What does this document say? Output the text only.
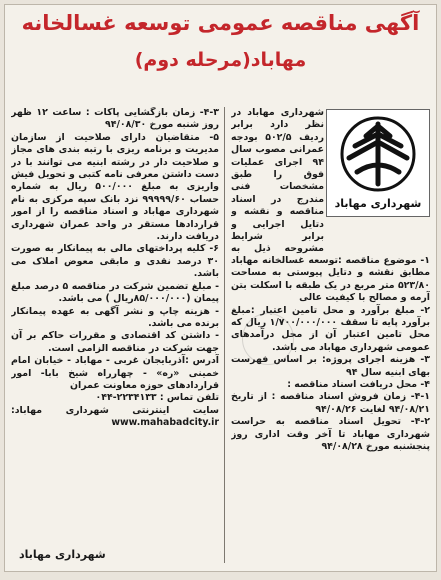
آگهی مناقصه عمومی توسعه غسالخانه
مهاباد(مرحله دوم)
شهرداری مهاباد

شهرداری مهاباد در نظر دارد برابر ردیف ۵۰۲/۵ بودجه عمرانی مصوب سال ۹۴ اجرای عملیات فوق را طبق مشخصات فنی مندرج در اسناد مناقصه و نقشه و دتایل اجرایی و برابر شرایط مشروحه ذیل به

۱- موضوع مناقصه :توسعه غسالخانه مهاباد مطابق نقشه و دتایل پیوستی به مساحت ۵۲۳/۸۰ متر مربع در یک طبقه با اسکلت بتن آرمه و مصالح با کیفیت عالی

۲- مبلغ برآورد و محل تامین اعتبار :مبلغ برآورد پایه تا سقف ۱/۷۰۰/۰۰۰/۰۰۰ ریال که محل تامین اعتبار آن از محل درآمدهای عمومی شهرداری مهاباد می باشد.

۳- هزینه اجرای پروژه: بر اساس فهرست بهای ابنیه سال ۹۴

۴- محل دریافت اسناد مناقصه :

۴-۱- زمان فروش اسناد مناقصه : از تاریخ ۹۴/۰۸/۲۱ لغایت ۹۴/۰۸/۲۶

۴-۲- تحویل اسناد مناقصه به حراست شهرداری مهاباد تا آخر وقت اداری روز پنجشنبه مورخ ۹۴/۰۸/۲۸

۴-۳- زمان بازگشایی پاکات : ساعت ۱۲ ظهر روز شنبه مورخ ۹۴/۰۸/۳۰

۵- متقاضیان دارای صلاحیت از سازمان مدیریت و برنامه ریزی با رتبه بندی های مجاز و صلاحیت دار در رشته ابنیه می توانند با در دست داشتن معرفی نامه کتبی و تحویل فیش واریزی به مبلغ ۵۰۰/۰۰۰ ریال به شماره حساب ۹۹۹۹۹/۶۰ نزد بانک سپه مرکزی به نام شهرداری مهاباد و اسناد مناقصه را از امور قراردادها مستقر در واحد عمران شهرداری دریافت دارند.

۶- کلیه پرداختهای مالی به پیمانکار به صورت ۳۰ درصد نقدی و مابقی معوض املاک می باشد.

- مبلغ تضمین شرکت در مناقصه ۵ درصد مبلغ پیمان (۸۵/۰۰۰/۰۰۰ریال ) می باشد.

- هزینه چاپ و نشر آگهی به عهده پیمانکار برنده می باشد.

- داشتن کد اقتصادی و مقررات حاکم بر آن جهت شرکت در مناقصه الزامی است.

آدرس :آذربایجان غربی - مهاباد - خیابان امام خمینی «ره» - چهارراه شیخ بابا- امور قراردادهای حوزه معاونت عمران

تلفن تماس : ۲۲۳۴۱۳۳-۰۴۴

سایت اینترنتی شهرداری مهاباد: www.mahabadcity.ir

شهرداری مهاباد
